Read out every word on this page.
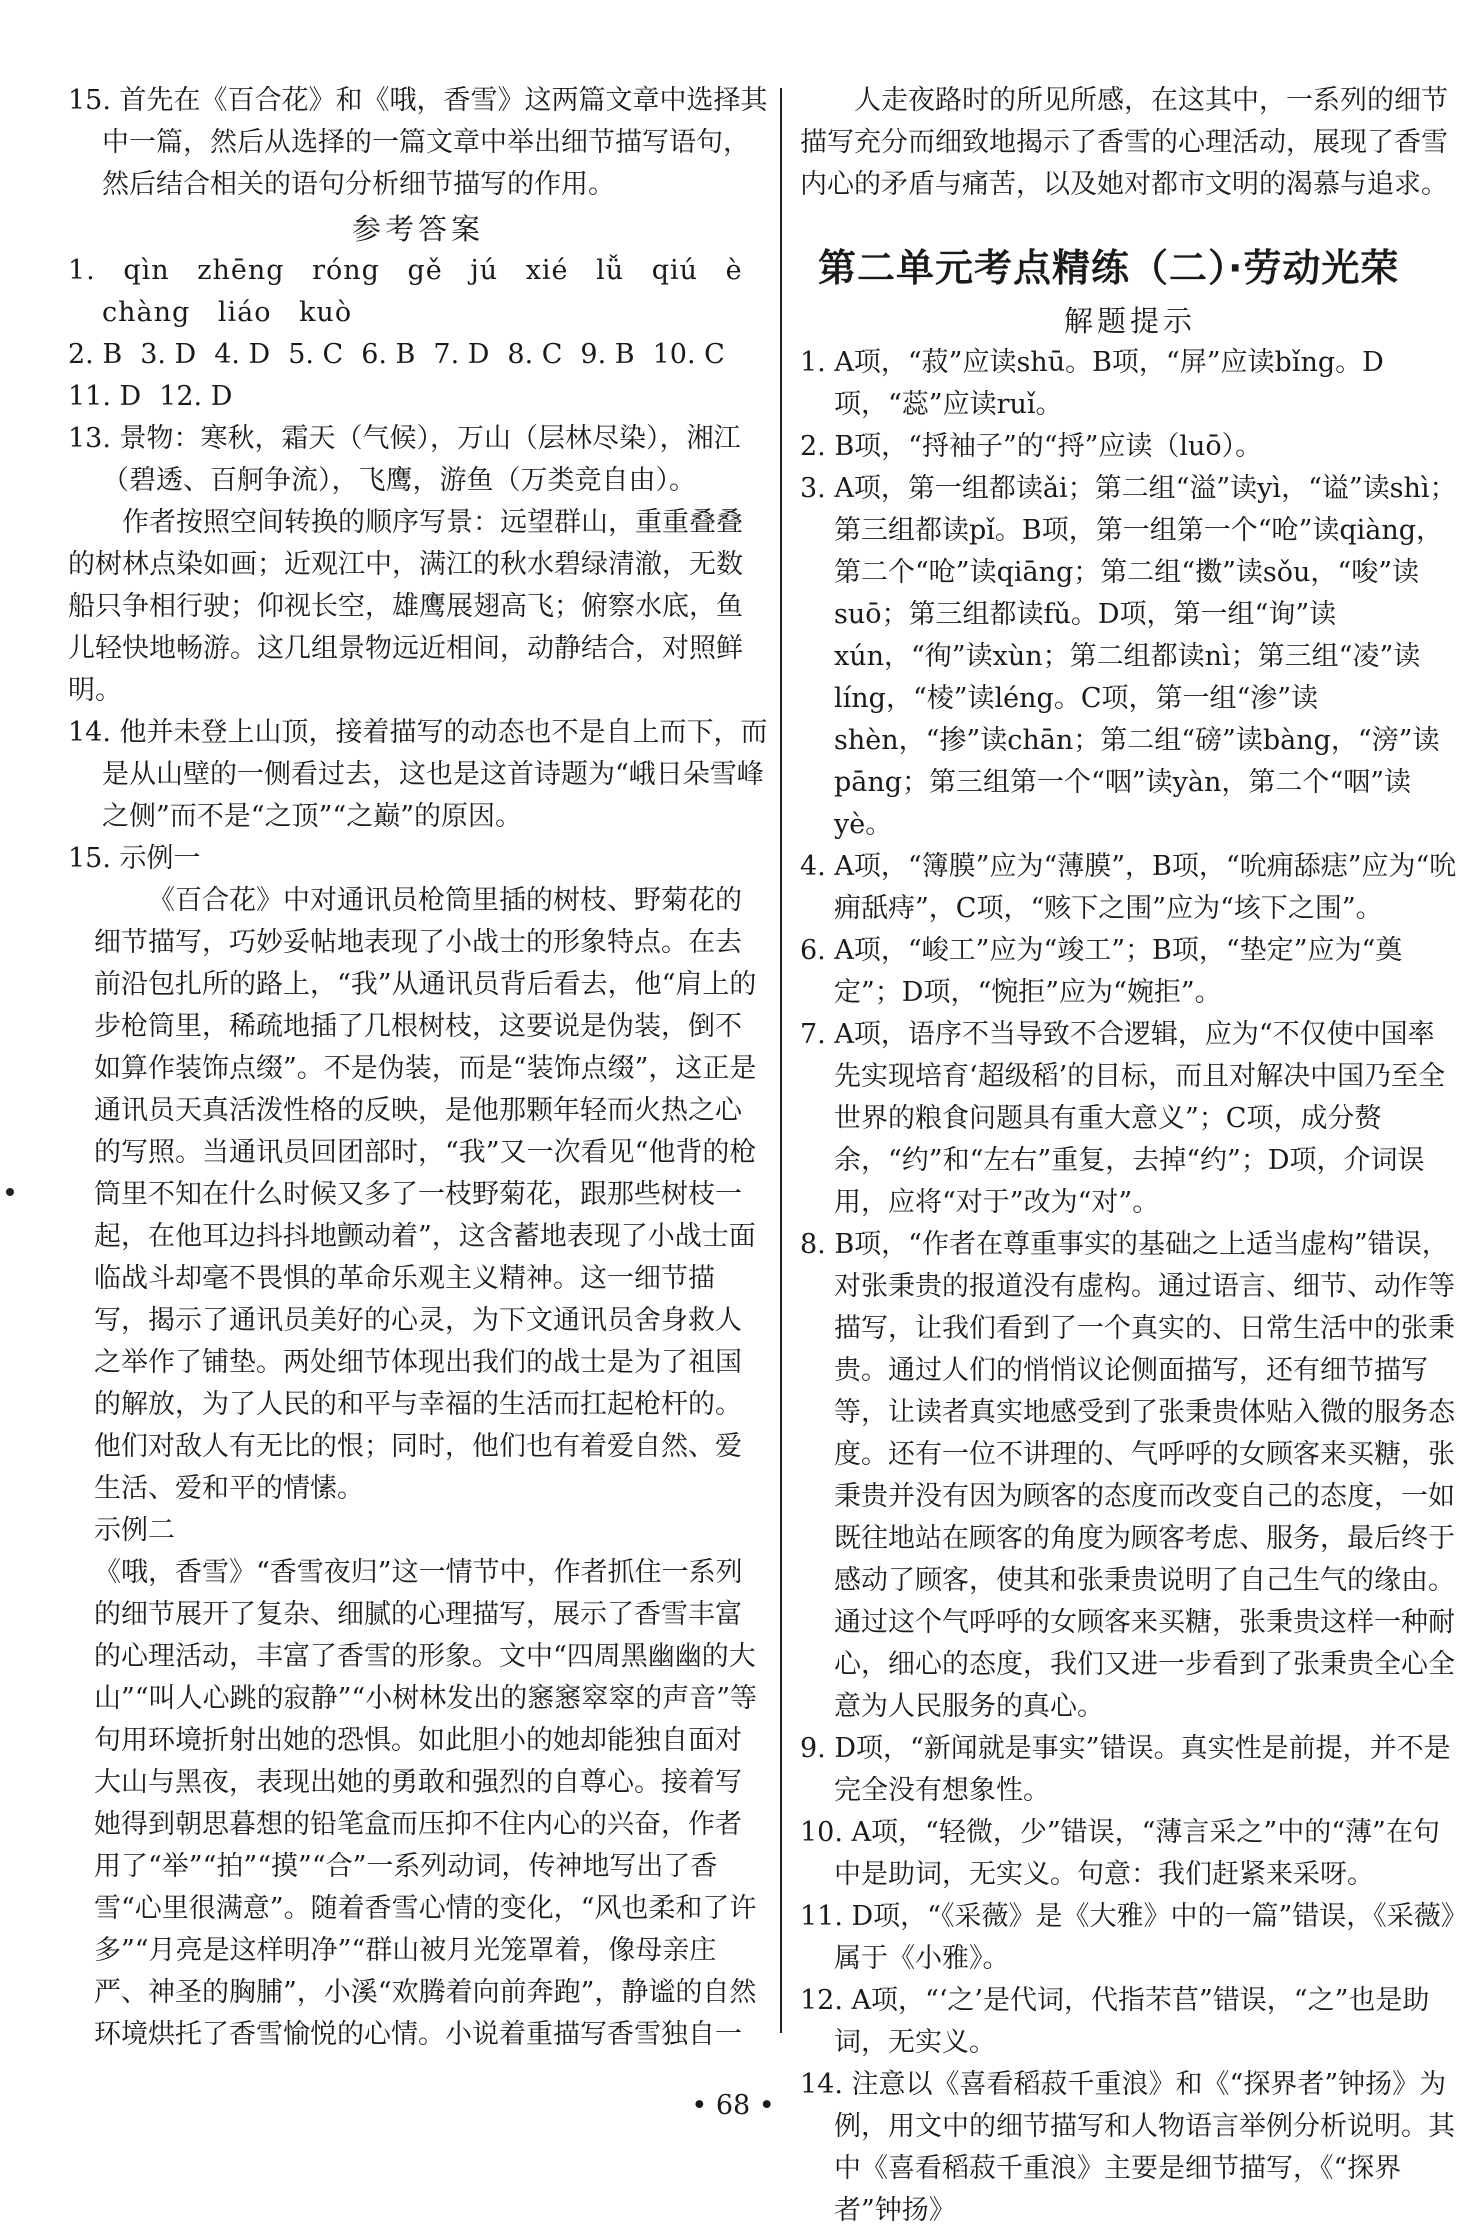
15. 首先在《百合花》和《哦，香雪》这两篇文章中选择其中一篇，然后从选择的一篇文章中举出细节描写语句，然后结合相关的语句分析细节描写的作用。

参考答案

1. qìn zhēng róng gě jú xié lǚ qiú è chàng liáo kuò

2. B 3. D 4. D 5. C 6. B 7. D 8. C 9. B 10. C

11. D 12. D

13. 景物：寒秋，霜天（气候），万山（层林尽染），湘江（碧透、百舸争流），飞鹰，游鱼（万类竞自由）。

作者按照空间转换的顺序写景：远望群山，重重叠叠的树林点染如画；近观江中，满江的秋水碧绿清澈，无数船只争相行驶；仰视长空，雄鹰展翅高飞；俯察水底，鱼儿轻快地畅游。这几组景物远近相间，动静结合，对照鲜明。

14. 他并未登上山顶，接着描写的动态也不是自上而下，而是从山壁的一侧看过去，这也是这首诗题为“峨日朵雪峰之侧”而不是“之顶”“之巅”的原因。

15. 示例一

《百合花》中对通讯员枪筒里插的树枝、野菊花的细节描写，巧妙妥帖地表现了小战士的形象特点。在去前沿包扎所的路上，“我”从通讯员背后看去，他“肩上的步枪筒里，稀疏地插了几根树枝，这要说是伪装，倒不如算作装饰点缀”。不是伪装，而是“装饰点缀”，这正是通讯员天真活泼性格的反映，是他那颗年轻而火热之心的写照。当通讯员回团部时，“我”又一次看见“他背的枪筒里不知在什么时候又多了一枝野菊花，跟那些树枝一起，在他耳边抖抖地颤动着”，这含蓄地表现了小战士面临战斗却毫不畏惧的革命乐观主义精神。这一细节描写，揭示了通讯员美好的心灵，为下文通讯员舍身救人之举作了铺垫。两处细节体现出我们的战士是为了祖国的解放，为了人民的和平与幸福的生活而扛起枪杆的。他们对敌人有无比的恨；同时，他们也有着爱自然、爱生活、爱和平的情愫。

示例二

《哦，香雪》“香雪夜归”这一情节中，作者抓住一系列的细节展开了复杂、细腻的心理描写，展示了香雪丰富的心理活动，丰富了香雪的形象。文中“四周黑幽幽的大山”“叫人心跳的寂静”“小树林发出的窸窸窣窣的声音”等句用环境折射出她的恐惧。如此胆小的她却能独自面对大山与黑夜，表现出她的勇敢和强烈的自尊心。接着写她得到朝思暮想的铅笔盒而压抑不住内心的兴奋，作者用了“举”“拍”“摸”“合”一系列动词，传神地写出了香雪“心里很满意”。随着香雪心情的变化，“风也柔和了许多”“月亮是这样明净”“群山被月光笼罩着，像母亲庄严、神圣的胸脯”，小溪“欢腾着向前奔跑”，静谧的自然环境烘托了香雪愉悦的心情。小说着重描写香雪独自一

人走夜路时的所见所感，在这其中，一系列的细节描写充分而细致地揭示了香雪的心理活动，展现了香雪内心的矛盾与痛苦，以及她对都市文明的渴慕与追求。

第二单元考点精练（二）·劳动光荣

解题提示

1. A项，“菽”应读shū。B项，“屏”应读bǐng。D项，“蕊”应读ruǐ。

2. B项，“捋袖子”的“捋”应读（luō）。

3. A项，第一组都读ǎi；第二组“溢”读yì，“谥”读shì；第三组都读pǐ。B项，第一组第一个“呛”读qiàng，第二个“呛”读qiāng；第二组“擞”读sǒu，“唆”读suō；第三组都读fǔ。D项，第一组“询”读xún，“徇”读xùn；第二组都读nì；第三组“凌”读líng，“棱”读léng。C项，第一组“渗”读shèn，“掺”读chān；第二组“磅”读bàng，“滂”读pāng；第三组第一个“咽”读yàn，第二个“咽”读yè。

4. A项，“簿膜”应为“薄膜”，B项，“吮痈舔痣”应为“吮痈舐痔”，C项，“赅下之围”应为“垓下之围”。

6. A项，“峻工”应为“竣工”；B项，“垫定”应为“奠定”；D项，“惋拒”应为“婉拒”。

7. A项，语序不当导致不合逻辑，应为“不仅使中国率先实现培育‘超级稻’的目标，而且对解决中国乃至全世界的粮食问题具有重大意义”；C项，成分赘余，“约”和“左右”重复，去掉“约”；D项，介词误用，应将“对于”改为“对”。

8. B项，“作者在尊重事实的基础之上适当虚构”错误，对张秉贵的报道没有虚构。通过语言、细节、动作等描写，让我们看到了一个真实的、日常生活中的张秉贵。通过人们的悄悄议论侧面描写，还有细节描写等，让读者真实地感受到了张秉贵体贴入微的服务态度。还有一位不讲理的、气呼呼的女顾客来买糖，张秉贵并没有因为顾客的态度而改变自己的态度，一如既往地站在顾客的角度为顾客考虑、服务，最后终于感动了顾客，使其和张秉贵说明了自己生气的缘由。通过这个气呼呼的女顾客来买糖，张秉贵这样一种耐心，细心的态度，我们又进一步看到了张秉贵全心全意为人民服务的真心。

9. D项，“新闻就是事实”错误。真实性是前提，并不是完全没有想象性。

10. A项，“轻微，少”错误，“薄言采之”中的“薄”在句中是助词，无实义。句意：我们赶紧来采呀。

11. D项，“《采薇》是《大雅》中的一篇”错误，《采薇》属于《小雅》。

12. A项，“‘之’是代词，代指芣苢”错误，“之”也是助词，无实义。

14. 注意以《喜看稻菽千重浪》和《“探界者”钟扬》为例，用文中的细节描写和人物语言举例分析说明。其中《喜看稻菽千重浪》主要是细节描写，《“探界者”钟扬》

• 68 •
